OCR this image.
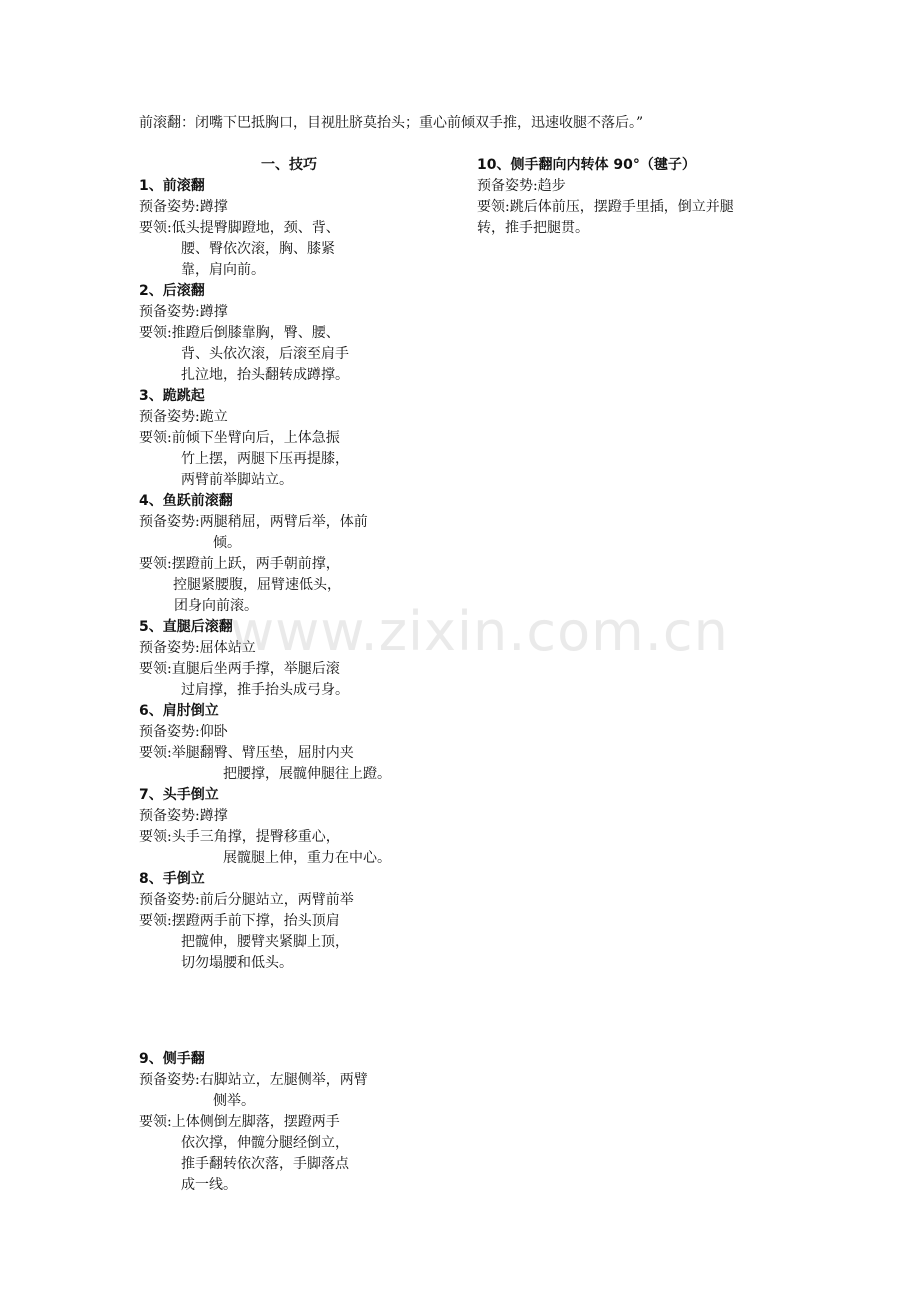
前滚翻：闭嘴下巴抵胸口，目视肚脐莫抬头；重心前倾双手推，迅速收腿不落后。”
www.zixin.com.cn
一、技巧
1、前滚翻
预备姿势:蹲撑
要领:低头提臀脚蹬地，颈、背、
腰、臀依次滚，胸、膝紧
靠，肩向前。
2、后滚翻
预备姿势:蹲撑
要领:推蹬后倒膝靠胸，臀、腰、
背、头依次滚，后滚至肩手
扎泣地，抬头翻转成蹲撑。
3、跪跳起
预备姿势:跪立
要领:前倾下坐臂向后，上体急振
竹上摆，两腿下压再提膝，
两臂前举脚站立。
4、鱼跃前滚翻
预备姿势:两腿稍屈，两臂后举，体前
倾。
要领:摆蹬前上跃，两手朝前撑，
控腿紧腰腹，屈臂速低头，
团身向前滚。
5、直腿后滚翻
预备姿势:屈体站立
要领:直腿后坐两手撑，举腿后滚
过肩撑，推手抬头成弓身。
6、肩肘倒立
预备姿势:仰卧
要领:举腿翻臀、臂压垫，屈肘内夹
把腰撑，展髋伸腿往上蹬。
7、头手倒立
预备姿势:蹲撑
要领:头手三角撑，提臀移重心，
展髋腿上伸，重力在中心。
8、手倒立
预备姿势:前后分腿站立，两臂前举
要领:摆蹬两手前下撑，抬头顶肩
把髋伸，腰臂夹紧脚上顶，
切勿塌腰和低头。
9、侧手翻
预备姿势:右脚站立，左腿侧举，两臂
侧举。
要领:上体侧倒左脚落，摆蹬两手
依次撑，伸髋分腿经倒立，
推手翻转依次落，手脚落点
成一线。
10、侧手翻向内转体 90°（毽子）
预备姿势:趋步
要领:跳后体前压，摆蹬手里插，倒立并腿
转，推手把腿贯。
